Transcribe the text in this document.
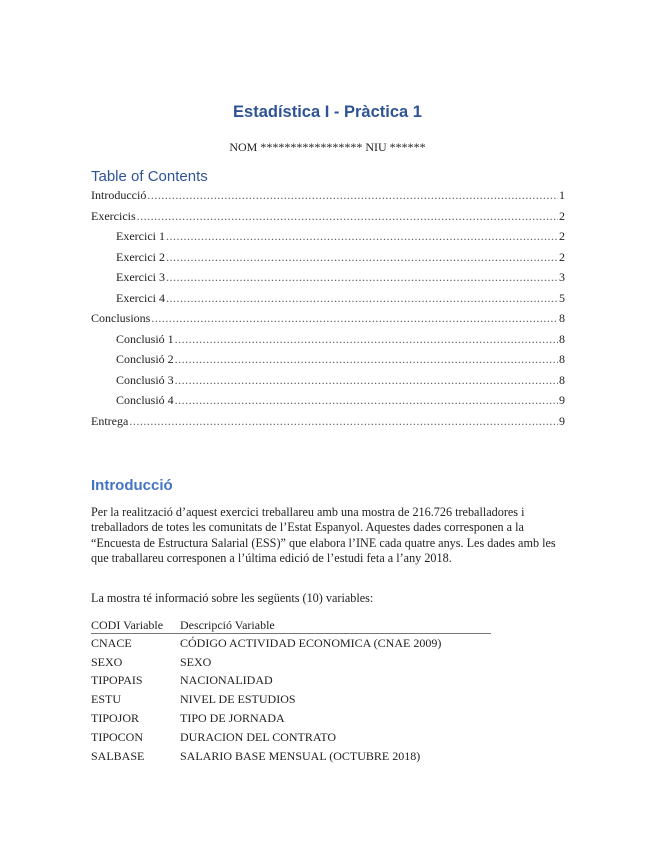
Estadística I - Pràctica 1
NOM ***************** NIU ******
Table of Contents
Introducció .....	1
Exercicis .....	2
Exercici 1 .....	2
Exercici 2 .....	2
Exercici 3 .....	3
Exercici 4 .....	5
Conclusions .....	8
Conclusió 1 .....	8
Conclusió 2 .....	8
Conclusió 3 .....	8
Conclusió 4 .....	9
Entrega .....	9
Introducció
Per la realització d’aquest exercici treballareu amb una mostra de 216.726 treballadores i treballadors de totes les comunitats de l’Estat Espanyol. Aquestes dades corresponen a la “Encuesta de Estructura Salarial (ESS)” que elabora l’INE cada quatre anys. Les dades amb les que traballareu corresponen a l’última edició de l’estudi feta a l’any 2018.
La mostra té informació sobre les següents (10) variables:
CODI Variable	Descripció Variable
CNACE	CÓDIGO ACTIVIDAD ECONOMICA (CNAE 2009)
SEXO	SEXO
TIPOPAIS	NACIONALIDAD
ESTU	NIVEL DE ESTUDIOS
TIPOJOR	TIPO DE JORNADA
TIPOCON	DURACION DEL CONTRATO
SALBASE	SALARIO BASE MENSUAL (OCTUBRE 2018)
